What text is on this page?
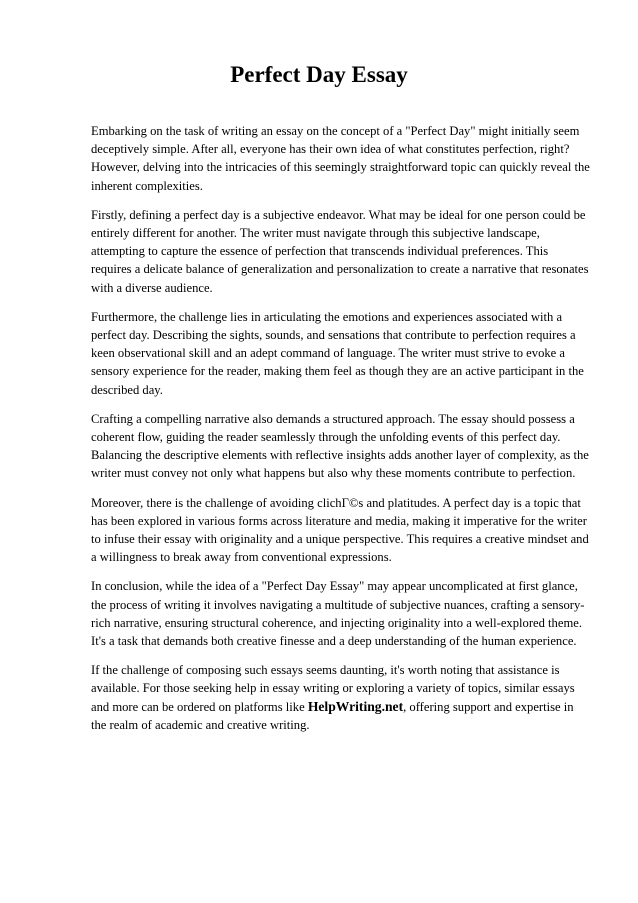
Perfect Day Essay

Embarking on the task of writing an essay on the concept of a "Perfect Day" might initially seem deceptively simple. After all, everyone has their own idea of what constitutes perfection, right? However, delving into the intricacies of this seemingly straightforward topic can quickly reveal the inherent complexities.

Firstly, defining a perfect day is a subjective endeavor. What may be ideal for one person could be entirely different for another. The writer must navigate through this subjective landscape, attempting to capture the essence of perfection that transcends individual preferences. This requires a delicate balance of generalization and personalization to create a narrative that resonates with a diverse audience.

Furthermore, the challenge lies in articulating the emotions and experiences associated with a perfect day. Describing the sights, sounds, and sensations that contribute to perfection requires a keen observational skill and an adept command of language. The writer must strive to evoke a sensory experience for the reader, making them feel as though they are an active participant in the described day.

Crafting a compelling narrative also demands a structured approach. The essay should possess a coherent flow, guiding the reader seamlessly through the unfolding events of this perfect day. Balancing the descriptive elements with reflective insights adds another layer of complexity, as the writer must convey not only what happens but also why these moments contribute to perfection.

Moreover, there is the challenge of avoiding clichГ©s and platitudes. A perfect day is a topic that has been explored in various forms across literature and media, making it imperative for the writer to infuse their essay with originality and a unique perspective. This requires a creative mindset and a willingness to break away from conventional expressions.

In conclusion, while the idea of a "Perfect Day Essay" may appear uncomplicated at first glance, the process of writing it involves navigating a multitude of subjective nuances, crafting a sensory-rich narrative, ensuring structural coherence, and injecting originality into a well-explored theme. It's a task that demands both creative finesse and a deep understanding of the human experience.

If the challenge of composing such essays seems daunting, it's worth noting that assistance is available. For those seeking help in essay writing or exploring a variety of topics, similar essays and more can be ordered on platforms like HelpWriting.net, offering support and expertise in the realm of academic and creative writing.
